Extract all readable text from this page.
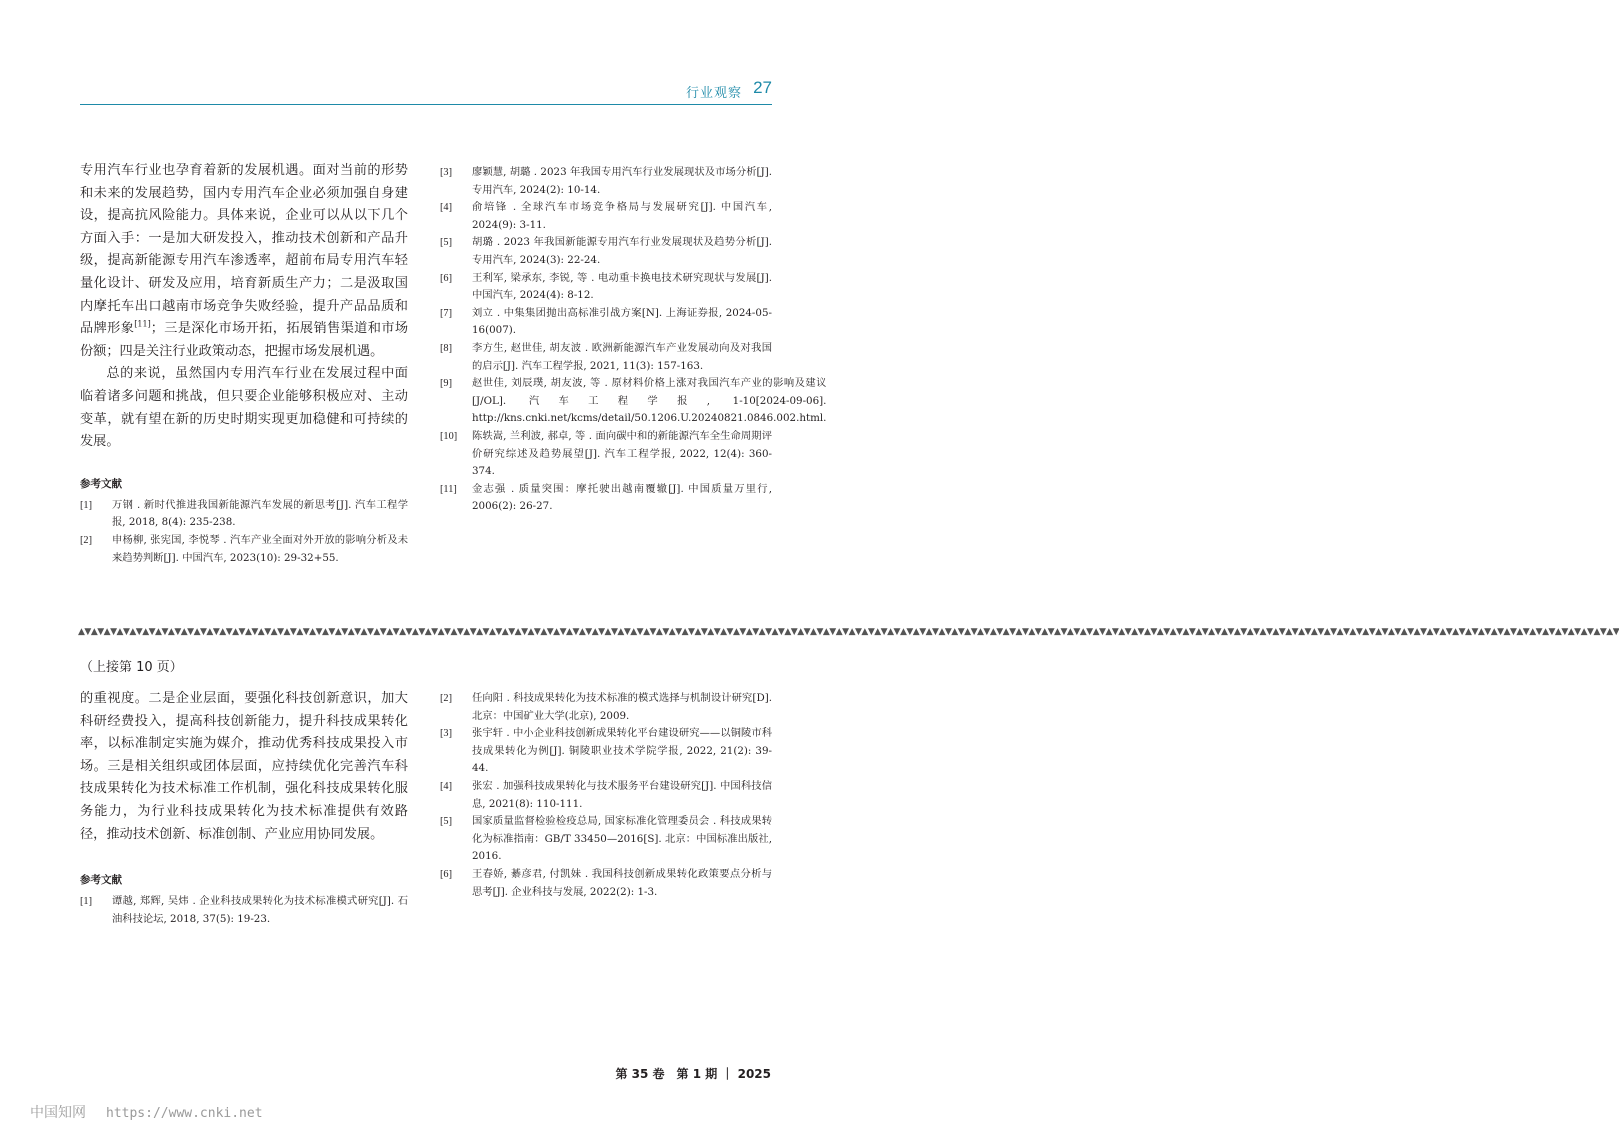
行业观察 27

专用汽车行业也孕育着新的发展机遇。面对当前的形势和未来的发展趋势，国内专用汽车企业必须加强自身建设，提高抗风险能力。具体来说，企业可以从以下几个方面入手：一是加大研发投入，推动技术创新和产品升级，提高新能源专用汽车渗透率，超前布局专用汽车轻量化设计、研发及应用，培育新质生产力；二是汲取国内摩托车出口越南市场竞争失败经验，提升产品品质和品牌形象[11]；三是深化市场开拓，拓展销售渠道和市场份额；四是关注行业政策动态，把握市场发展机遇。

总的来说，虽然国内专用汽车行业在发展过程中面临着诸多问题和挑战，但只要企业能够积极应对、主动变革，就有望在新的历史时期实现更加稳健和可持续的发展。

参考文献
[1]	万钢 . 新时代推进我国新能源汽车发展的新思考[J]. 汽车工程学报, 2018, 8(4): 235-238.
[2]	申杨柳, 张宪国, 李悦琴 . 汽车产业全面对外开放的影响分析及未来趋势判断[J]. 中国汽车, 2023(10): 29-32+55.
[3]	廖颖慧, 胡璐 . 2023 年我国专用汽车行业发展现状及市场分析[J]. 专用汽车, 2024(2): 10-14.
[4]	俞培锋 . 全球汽车市场竞争格局与发展研究[J]. 中国汽车, 2024(9): 3-11.
[5]	胡璐 . 2023 年我国新能源专用汽车行业发展现状及趋势分析[J]. 专用汽车, 2024(3): 22-24.
[6]	王利军, 梁承东, 李锐, 等 . 电动重卡换电技术研究现状与发展[J]. 中国汽车, 2024(4): 8-12.
[7]	刘立 . 中集集团抛出高标准引战方案[N]. 上海证券报, 2024-05-16(007).
[8]	李方生, 赵世佳, 胡友波 . 欧洲新能源汽车产业发展动向及对我国的启示[J]. 汽车工程学报, 2021, 11(3): 157-163.
[9]	赵世佳, 刘辰璞, 胡友波, 等 . 原材料价格上涨对我国汽车产业的影响及建议[J/OL]. 汽车工程学报, 1-10[2024-09-06]. http://kns.cnki.net/kcms/detail/50.1206.U.20240821.0846.002.html.
[10]	陈轶嵩, 兰利波, 郝卓, 等 . 面向碳中和的新能源汽车全生命周期评价研究综述及趋势展望[J]. 汽车工程学报, 2022, 12(4): 360-374.
[11]	金志强 . 质量突围：摩托驶出越南覆辙[J]. 中国质量万里行, 2006(2): 26-27.
▲▼▲▼▲▼▲▼▲▼▲▼▲▼▲▼▲▼▲▼▲▼▲▼▲▼▲▼▲▼▲▼▲▼▲▼▲▼▲▼▲▼▲▼▲▼▲▼▲▼▲▼▲▼▲▼▲▼▲▼▲▼▲▼▲▼▲▼▲▼▲▼▲▼▲▼▲▼▲▼▲▼▲▼▲▼▲▼▲▼▲▼▲▼▲▼▲▼▲▼▲▼▲▼▲▼▲▼▲▼▲▼▲▼▲▼▲▼▲▼▲▼▲▼▲▼▲▼▲▼▲▼▲▼▲▼▲▼▲▼▲▼▲▼▲▼▲▼▲▼▲▼▲▼▲▼▲▼▲▼▲▼▲▼▲▼▲▼▲▼▲▼▲▼▲▼▲▼▲▼▲▼▲▼▲▼▲▼▲▼▲▼▲▼▲▼▲▼▲▼▲▼▲▼▲▼▲▼▲▼▲▼▲▼▲▼▲▼▲▼▲▼▲▼▲▼▲▼▲▼▲▼▲▼▲▼▲▼▲▼
（上接第 10 页）

的重视度。二是企业层面，要强化科技创新意识，加大科研经费投入，提高科技创新能力，提升科技成果转化率，以标准制定实施为媒介，推动优秀科技成果投入市场。三是相关组织或团体层面，应持续优化完善汽车科技成果转化为技术标准工作机制，强化科技成果转化服务能力，为行业科技成果转化为技术标准提供有效路径，推动技术创新、标准创制、产业应用协同发展。

参考文献
[1]	谭越, 郑辉, 吴炜 . 企业科技成果转化为技术标准模式研究[J]. 石油科技论坛, 2018, 37(5): 19-23.
[2]	任向阳 . 科技成果转化为技术标准的模式选择与机制设计研究[D]. 北京：中国矿业大学(北京), 2009.
[3]	张宇轩 . 中小企业科技创新成果转化平台建设研究——以铜陵市科技成果转化为例[J]. 铜陵职业技术学院学报, 2022, 21(2): 39-44.
[4]	张宏 . 加强科技成果转化与技术服务平台建设研究[J]. 中国科技信息, 2021(8): 110-111.
[5]	国家质量监督检验检疫总局, 国家标准化管理委员会 . 科技成果转化为标准指南：GB/T 33450—2016[S]. 北京：中国标准出版社, 2016.
[6]	王春娇, 綦彦君, 付凯妹 . 我国科技创新成果转化政策要点分析与思考[J]. 企业科技与发展, 2022(2): 1-3.
第 35 卷　第 1 期 ｜ 2025
中国知网 https://www.cnki.net
